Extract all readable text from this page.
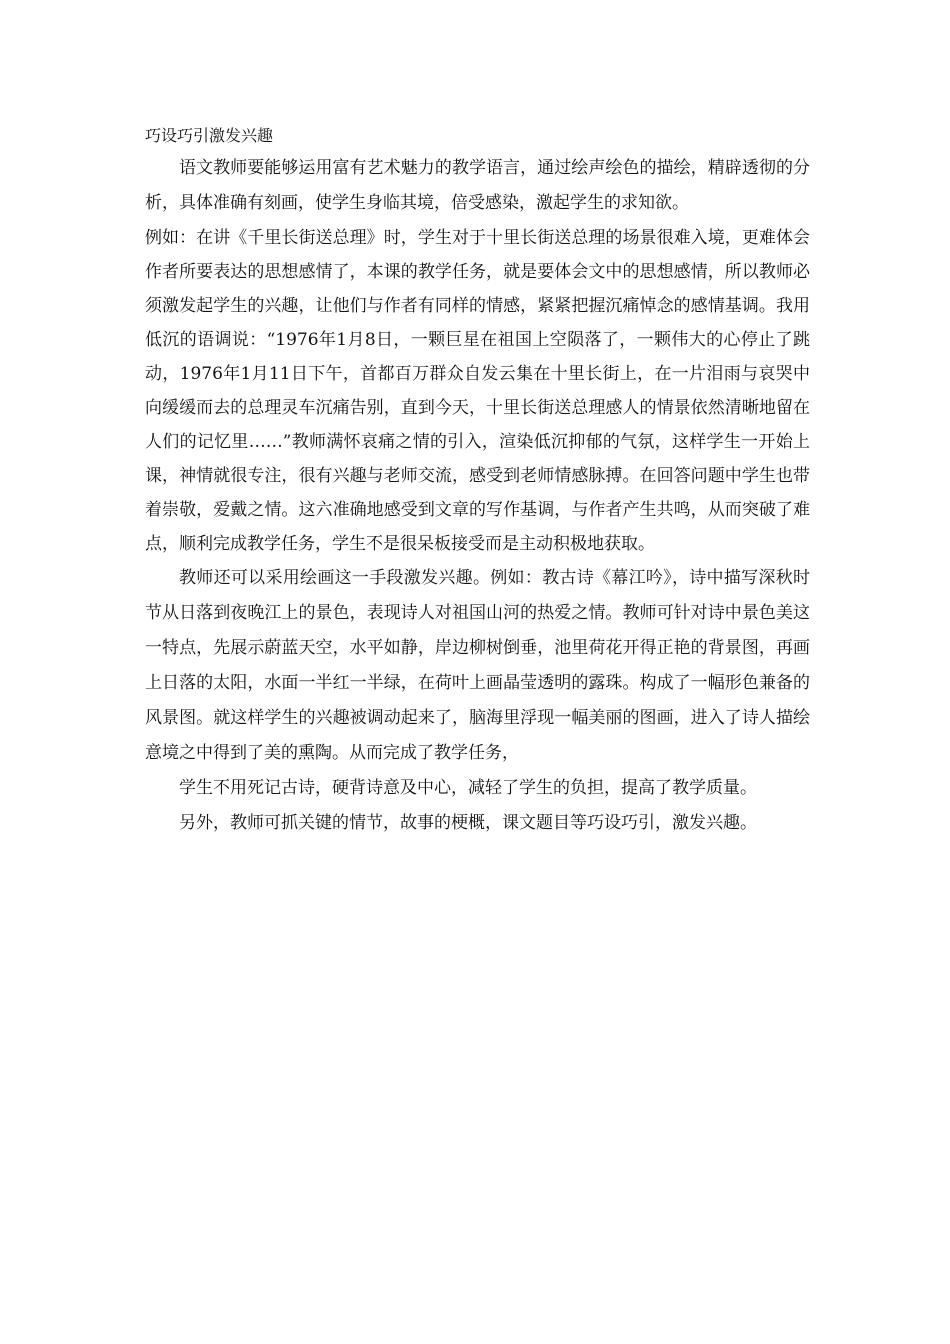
巧设巧引激发兴趣

语文教师要能够运用富有艺术魅力的教学语言，通过绘声绘色的描绘，精辟透彻的分析，具体准确有刻画，使学生身临其境，倍受感染，激起学生的求知欲。

例如：在讲《千里长街送总理》时，学生对于十里长街送总理的场景很难入境，更难体会作者所要表达的思想感情了，本课的教学任务，就是要体会文中的思想感情，所以教师必须激发起学生的兴趣，让他们与作者有同样的情感，紧紧把握沉痛悼念的感情基调。我用低沉的语调说：“1976年1月8日，一颗巨星在祖国上空陨落了，一颗伟大的心停止了跳动，1976年1月11日下午，首都百万群众自发云集在十里长街上，在一片泪雨与哀哭中向缓缓而去的总理灵车沉痛告别，直到今天，十里长街送总理感人的情景依然清晰地留在人们的记忆里……”教师满怀哀痛之情的引入，渲染低沉抑郁的气氛，这样学生一开始上课，神情就很专注，很有兴趣与老师交流，感受到老师情感脉搏。在回答问题中学生也带着崇敬，爱戴之情。这六准确地感受到文章的写作基调，与作者产生共鸣，从而突破了难点，顺利完成教学任务，学生不是很呆板接受而是主动积极地获取。

教师还可以采用绘画这一手段激发兴趣。例如：教古诗《幕江吟》，诗中描写深秋时节从日落到夜晚江上的景色，表现诗人对祖国山河的热爱之情。教师可针对诗中景色美这一特点，先展示蔚蓝天空，水平如静，岸边柳树倒垂，池里荷花开得正艳的背景图，再画上日落的太阳，水面一半红一半绿，在荷叶上画晶莹透明的露珠。构成了一幅形色兼备的风景图。就这样学生的兴趣被调动起来了，脑海里浮现一幅美丽的图画，进入了诗人描绘意境之中得到了美的熏陶。从而完成了教学任务，

学生不用死记古诗，硬背诗意及中心，减轻了学生的负担，提高了教学质量。

另外，教师可抓关键的情节，故事的梗概，课文题目等巧设巧引，激发兴趣。
